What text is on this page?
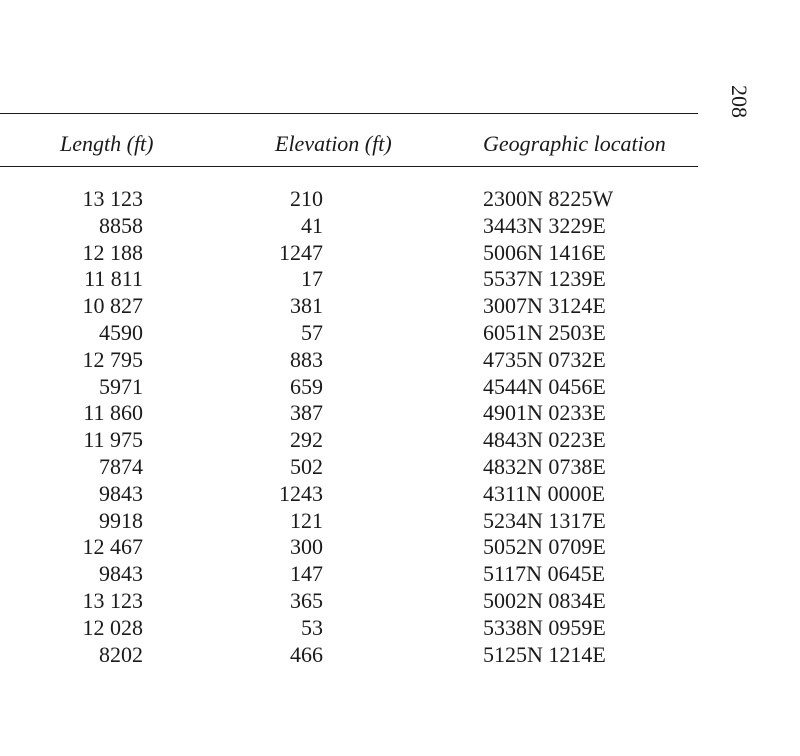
208
Length (ft)	Elevation (ft)	Geographic location
13 123	210	2300N 8225W
8858	41	3443N 3229E
12 188	1247	5006N 1416E
11 811	17	5537N 1239E
10 827	381	3007N 3124E
4590	57	6051N 2503E
12 795	883	4735N 0732E
5971	659	4544N 0456E
11 860	387	4901N 0233E
11 975	292	4843N 0223E
7874	502	4832N 0738E
9843	1243	4311N 0000E
9918	121	5234N 1317E
12 467	300	5052N 0709E
9843	147	5117N 0645E
13 123	365	5002N 0834E
12 028	53	5338N 0959E
8202	466	5125N 1214E
